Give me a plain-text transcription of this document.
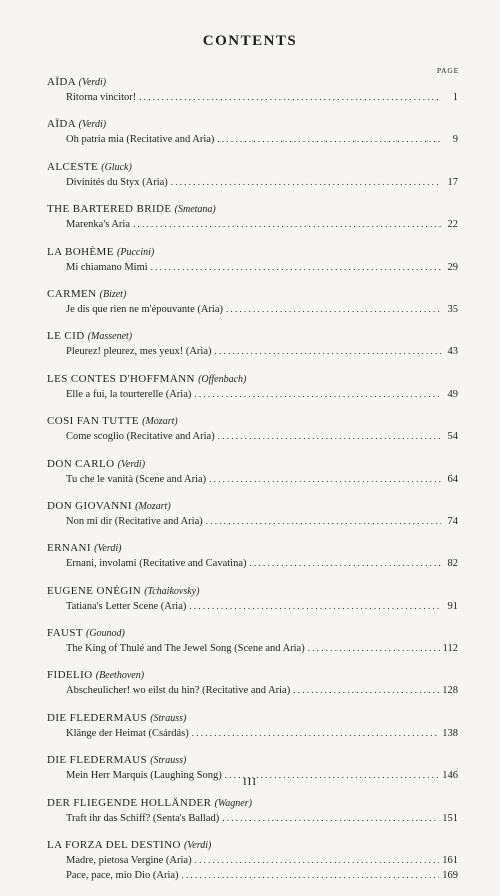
CONTENTS
PAGE
AÏDA (Verdi)
Ritorna vincitor! . . .	1
AÏDA (Verdi)
Oh patria mia (Recitative and Aria) . . .	9
ALCESTE (Gluck)
Divinités du Styx (Aria) . . .	17
THE BARTERED BRIDE (Smetana)
Marenka's Aria . . .	22
LA BOHÈME (Puccini)
Mi chiamano Mimì . . .	29
CARMEN (Bizet)
Je dis que rien ne m'épouvante (Aria) . . .	35
LE CID (Massenet)
Pleurez! pleurez, mes yeux! (Aria) . . .	43
LES CONTES D'HOFFMANN (Offenbach)
Elle a fui, la tourterelle (Aria) . . .	49
COSI FAN TUTTE (Mozart)
Come scoglio (Recitative and Aria) . . .	54
DON CARLO (Verdi)
Tu che le vanità (Scene and Aria) . . .	64
DON GIOVANNI (Mozart)
Non mi dir (Recitative and Aria) . . .	74
ERNANI (Verdi)
Ernani, involami (Recitative and Cavatina) . . .	82
EUGENE ONÉGIN (Tchaikovsky)
Tatiana's Letter Scene (Aria) . . .	91
FAUST (Gounod)
The King of Thulé and The Jewel Song (Scene and Aria) . . .	112
FIDELIO (Beethoven)
Abscheulicher! wo eilst du hin? (Recitative and Aria) . . .	128
DIE FLEDERMAUS (Strauss)
Klänge der Heimat (Csárdás) . . .	138
DIE FLEDERMAUS (Strauss)
Mein Herr Marquis (Laughing Song) . . .	146
DER FLIEGENDE HOLLÄNDER (Wagner)
Traft ihr das Schiff? (Senta's Ballad) . . .	151
LA FORZA DEL DESTINO (Verdi)
Madre, pietosa Vergine (Aria) . . .	161
Pace, pace, mio Dio (Aria) . . .	169
III
